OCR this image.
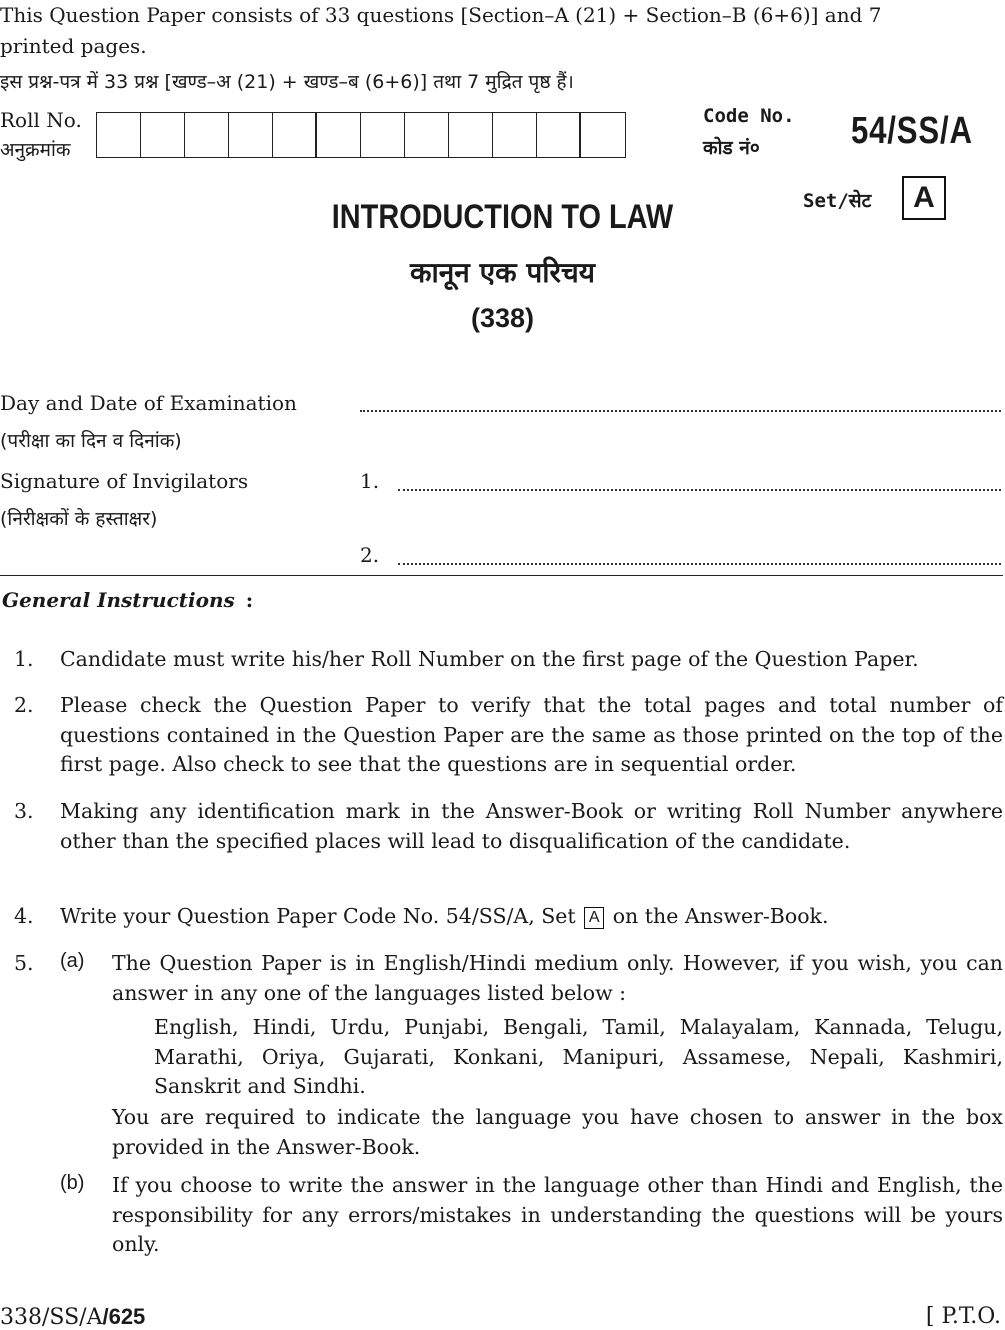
This Question Paper consists of 33 questions [Section–A (21) + Section–B (6+6)] and 7
printed pages.
इस प्रश्न-पत्र में 33 प्रश्न [खण्ड–अ (21) + खण्ड–ब (6+6)] तथा 7 मुद्रित पृष्ठ हैं।
Roll No.
अनुक्रमांक
Code No.
कोड नं० 54/SS/A
Set/सेट	A
INTRODUCTION TO LAW
कानून एक परिचय
(338)
Day and Date of Examination
(परीक्षा का दिन व दिनांक)
Signature of Invigilators	1.
(निरीक्षकों के हस्ताक्षर)
2.
General Instructions :
1. Candidate must write his/her Roll Number on the first page of the Question Paper.
2. Please check the Question Paper to verify that the total pages and total number of questions contained in the Question Paper are the same as those printed on the top of the first page. Also check to see that the questions are in sequential order.
3. Making any identification mark in the Answer-Book or writing Roll Number anywhere other than the specified places will lead to disqualification of the candidate.
4. Write your Question Paper Code No. 54/SS/A, Set A on the Answer-Book.
5. (a) The Question Paper is in English/Hindi medium only. However, if you wish, you can answer in any one of the languages listed below :
English, Hindi, Urdu, Punjabi, Bengali, Tamil, Malayalam, Kannada, Telugu, Marathi, Oriya, Gujarati, Konkani, Manipuri, Assamese, Nepali, Kashmiri, Sanskrit and Sindhi.
You are required to indicate the language you have chosen to answer in the box provided in the Answer-Book.
(b) If you choose to write the answer in the language other than Hindi and English, the responsibility for any errors/mistakes in understanding the questions will be yours only.
338/SS/A/625	[ P.T.O.
